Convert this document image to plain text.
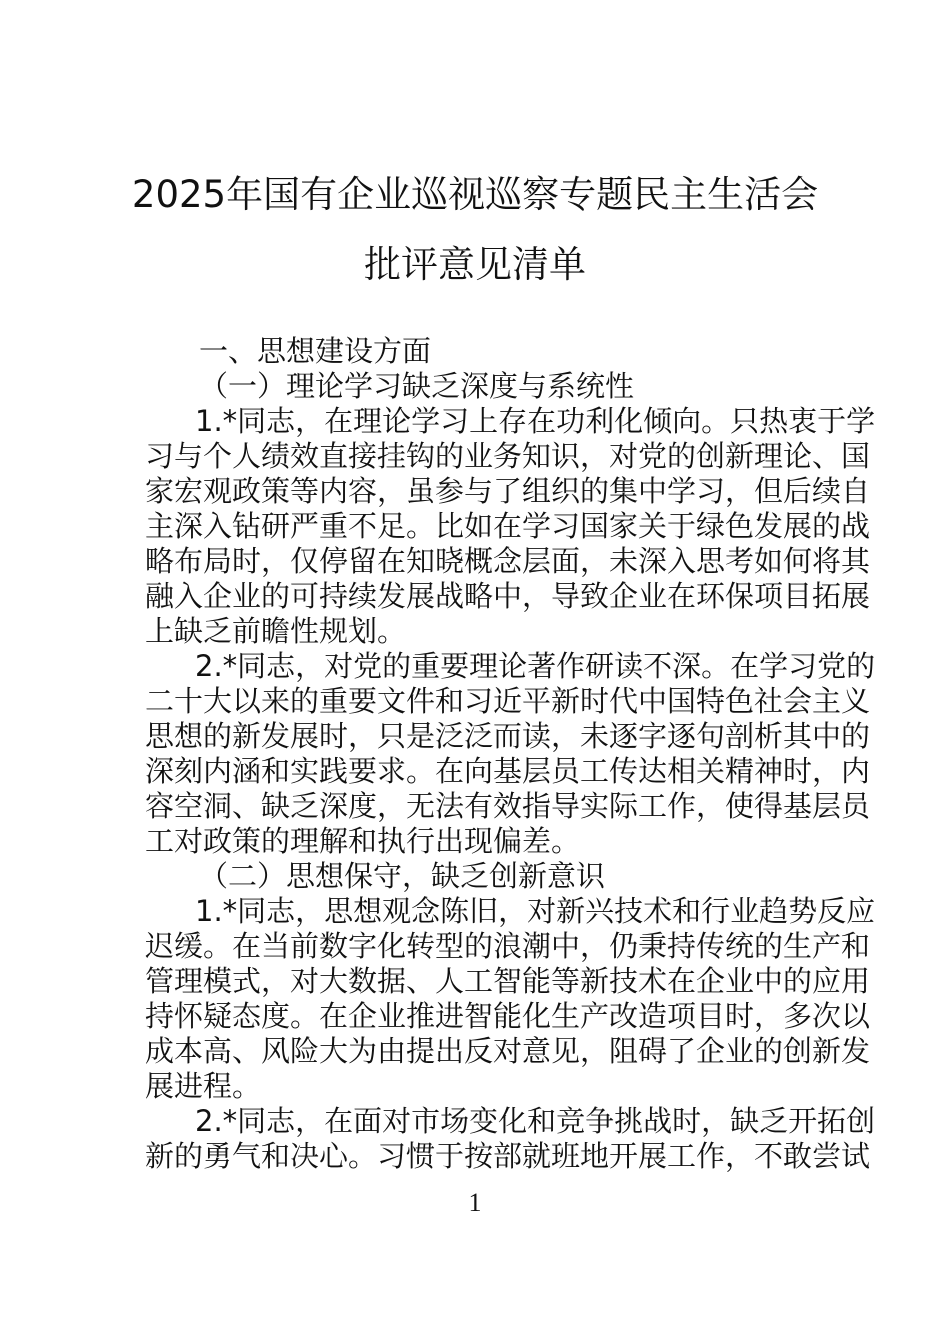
2025年国有企业巡视巡察专题民主生活会
批评意见清单
一、思想建设方面
（一）理论学习缺乏深度与系统性
1.*同志，在理论学习上存在功利化倾向。只热衷于学
习与个人绩效直接挂钩的业务知识，对党的创新理论、国
家宏观政策等内容，虽参与了组织的集中学习，但后续自
主深入钻研严重不足。比如在学习国家关于绿色发展的战
略布局时，仅停留在知晓概念层面，未深入思考如何将其
融入企业的可持续发展战略中，导致企业在环保项目拓展
上缺乏前瞻性规划。
2.*同志，对党的重要理论著作研读不深。在学习党的
二十大以来的重要文件和习近平新时代中国特色社会主义
思想的新发展时，只是泛泛而读，未逐字逐句剖析其中的
深刻内涵和实践要求。在向基层员工传达相关精神时，内
容空洞、缺乏深度，无法有效指导实际工作，使得基层员
工对政策的理解和执行出现偏差。
（二）思想保守，缺乏创新意识
1.*同志，思想观念陈旧，对新兴技术和行业趋势反应
迟缓。在当前数字化转型的浪潮中，仍秉持传统的生产和
管理模式，对大数据、人工智能等新技术在企业中的应用
持怀疑态度。在企业推进智能化生产改造项目时，多次以
成本高、风险大为由提出反对意见，阻碍了企业的创新发
展进程。
2.*同志，在面对市场变化和竞争挑战时，缺乏开拓创
新的勇气和决心。习惯于按部就班地开展工作，不敢尝试
1
